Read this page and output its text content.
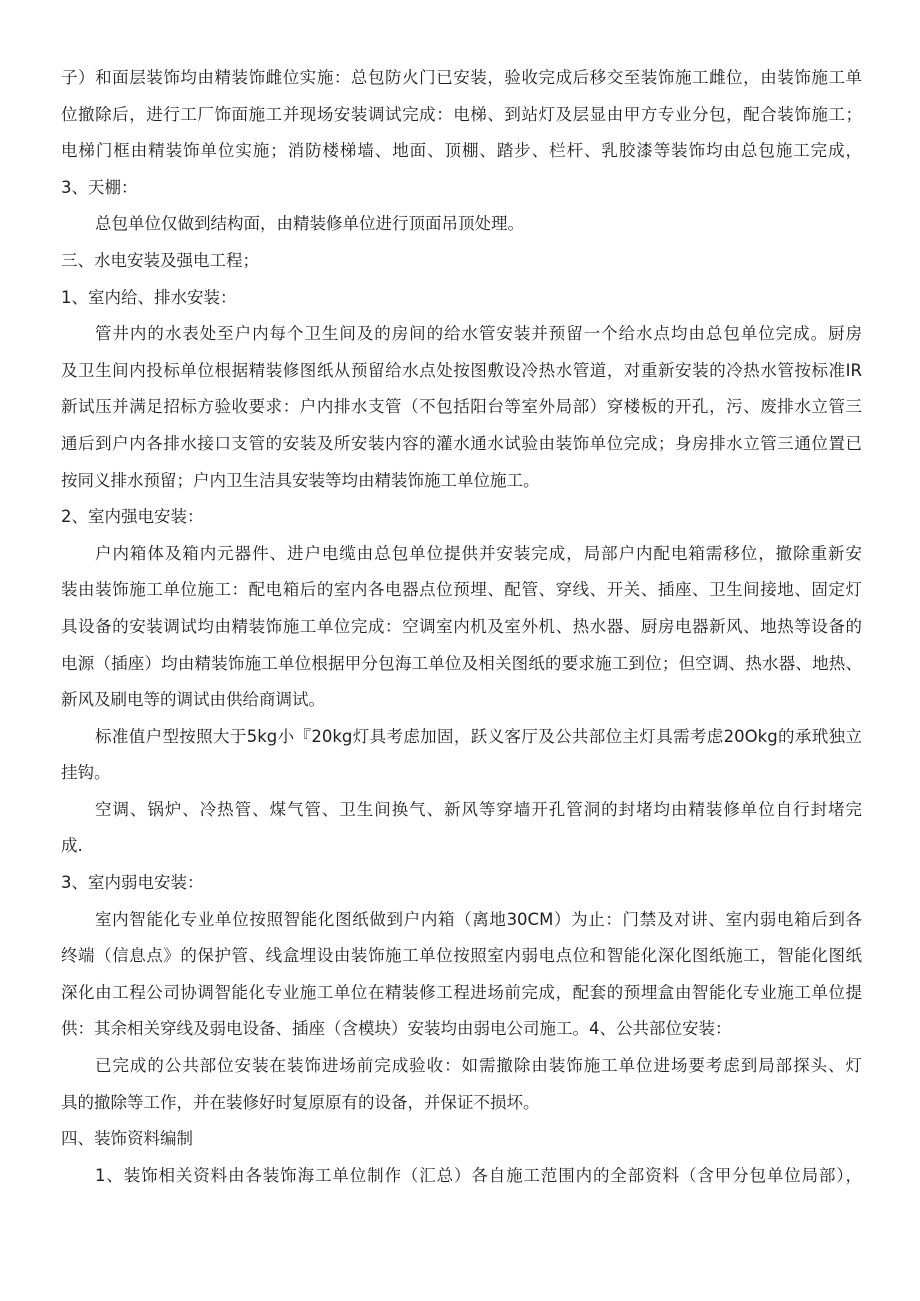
子）和面层装饰均由精装饰雌位实施：总包防火门已安装，验收完成后移交至装饰施工雌位，由装饰施工单
位撤除后，进行工厂饰面施工并现场安装调试完成：电梯、到站灯及层显由甲方专业分包，配合装饰施工；
电梯门框由精装饰单位实施；消防楼梯墙、地面、顶棚、踏步、栏杆、乳胶漆等装饰均由总包施工完成，
3、天棚：
总包单位仅做到结构面，由精装修单位进行顶面吊顶处理。
三、水电安装及强电工程；
1、室内给、排水安装：
管井内的水表处至户内每个卫生间及的房间的给水管安装并预留一个给水点均由总包单位完成。厨房
及卫生间内投标单位根据精装修图纸从预留给水点处按图敷设冷热水管道，对重新安装的冷热水管按标准IR
新试压并满足招标方验收要求：户内排水支管（不包括阳台等室外局部）穿楼板的开孔，污、废排水立管三
通后到户内各排水接口支管的安装及所安装内容的灌水通水试验由装饰单位完成；身房排水立管三通位置已
按同义排水预留；户内卫生洁具安装等均由精装饰施工单位施工。
2、室内强电安装：
户内箱体及箱内元器件、进户电缆由总包单位提供并安装完成，局部户内配电箱需移位，撤除重新安
装由装饰施工单位施工：配电箱后的室内各电器点位预埋、配管、穿线、开关、插座、卫生间接地、固定灯
具设备的安装调试均由精装饰施工单位完成：空调室内机及室外机、热水器、厨房电器新风、地热等设备的
电源（插座）均由精装饰施工单位根据甲分包海工单位及相关图纸的要求施工到位；但空调、热水器、地热、
新风及刷电等的调试由供给商调试。
标准值户型按照大于5kg小『20kg灯具考虑加固，跃义客厅及公共部位主灯具需考虑20Okg的承玳独立
挂钩。
空调、锅炉、冷热管、煤气管、卫生间换气、新风等穿墙开孔管洞的封堵均由精装修单位自行封堵完
成.
3、室内弱电安装：
室内智能化专业单位按照智能化图纸做到户内箱（离地30CM）为止：门禁及对讲、室内弱电箱后到各
终端（信息点》的保护管、线盒埋设由装饰施工单位按照室内弱电点位和智能化深化图纸施工，智能化图纸
深化由工程公司协调智能化专业施工单位在精装修工程进场前完成，配套的预埋盒由智能化专业施工单位提
供：其余相关穿线及弱电设备、插座（含模块）安装均由弱电公司施工。4、公共部位安装：
已完成的公共部位安装在装饰进场前完成验收：如需撤除由装饰施工单位进场要考虑到局部探头、灯
具的撤除等工作，并在装修好时复原原有的设备，并保证不损坏。
四、装饰资料编制
1、装饰相关资料由各装饰海工单位制作（汇总）各自施工范围内的全部资料（含甲分包单位局部），
